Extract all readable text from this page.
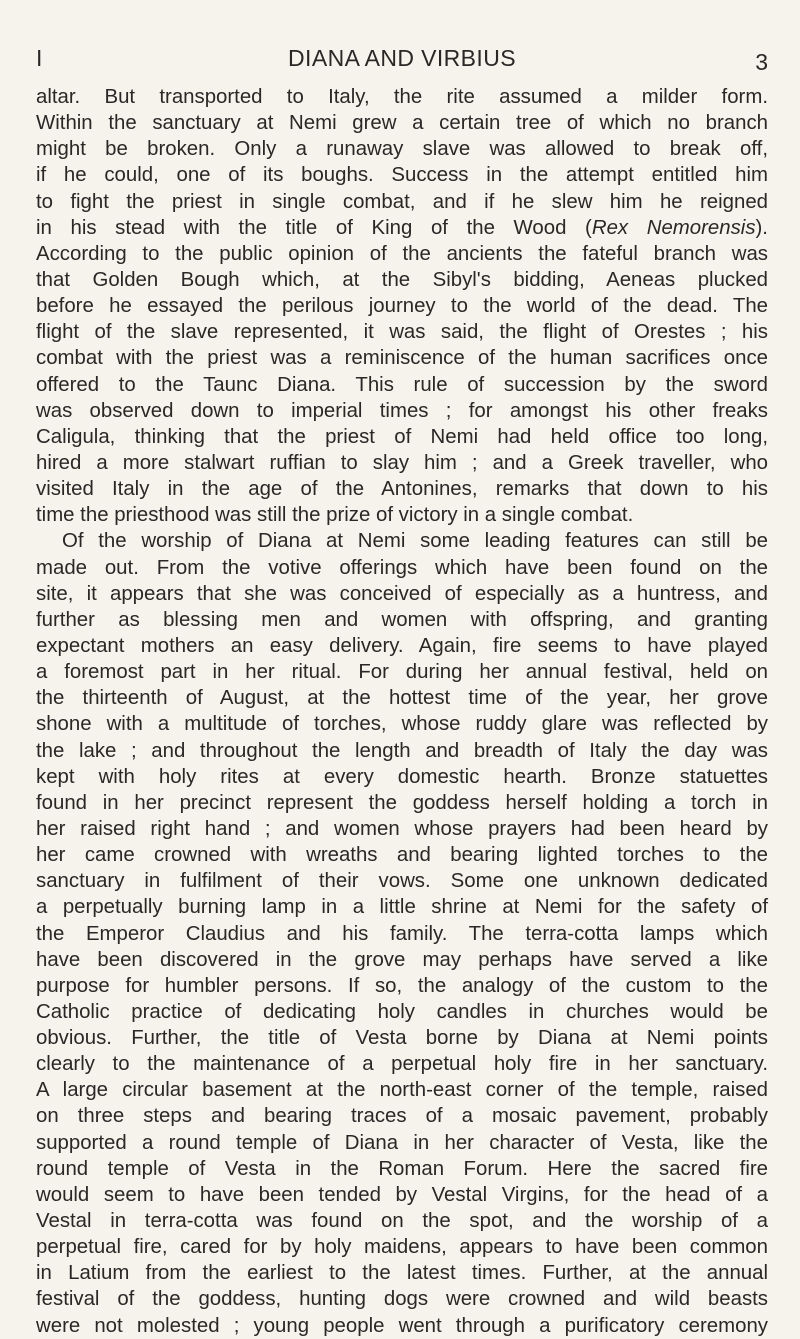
I	DIANA AND VIRBIUS	3
altar. But transported to Italy, the rite assumed a milder form.
Within the sanctuary at Nemi grew a certain tree of which no branch
might be broken. Only a runaway slave was allowed to break off,
if he could, one of its boughs. Success in the attempt entitled him
to fight the priest in single combat, and if he slew him he reigned
in his stead with the title of King of the Wood (Rex Nemorensis).
According to the public opinion of the ancients the fateful branch was
that Golden Bough which, at the Sibyl's bidding, Aeneas plucked
before he essayed the perilous journey to the world of the dead. The
flight of the slave represented, it was said, the flight of Orestes ; his
combat with the priest was a reminiscence of the human sacrifices once
offered to the Taunc Diana. This rule of succession by the sword
was observed down to imperial times ; for amongst his other freaks
Caligula, thinking that the priest of Nemi had held office too long,
hired a more stalwart ruffian to slay him ; and a Greek traveller, who
visited Italy in the age of the Antonines, remarks that down to his
time the priesthood was still the prize of victory in a single combat.
Of the worship of Diana at Nemi some leading features can still be
made out. From the votive offerings which have been found on the
site, it appears that she was conceived of especially as a huntress, and
further as blessing men and women with offspring, and granting
expectant mothers an easy delivery. Again, fire seems to have played
a foremost part in her ritual. For during her annual festival, held on
the thirteenth of August, at the hottest time of the year, her grove
shone with a multitude of torches, whose ruddy glare was reflected by
the lake ; and throughout the length and breadth of Italy the day was
kept with holy rites at every domestic hearth. Bronze statuettes
found in her precinct represent the goddess herself holding a torch in
her raised right hand ; and women whose prayers had been heard by
her came crowned with wreaths and bearing lighted torches to the
sanctuary in fulfilment of their vows. Some one unknown dedicated
a perpetually burning lamp in a little shrine at Nemi for the safety of
the Emperor Claudius and his family. The terra-cotta lamps which
have been discovered in the grove may perhaps have served a like
purpose for humbler persons. If so, the analogy of the custom to the
Catholic practice of dedicating holy candles in churches would be
obvious. Further, the title of Vesta borne by Diana at Nemi points
clearly to the maintenance of a perpetual holy fire in her sanctuary.
A large circular basement at the north-east corner of the temple, raised
on three steps and bearing traces of a mosaic pavement, probably
supported a round temple of Diana in her character of Vesta, like the
round temple of Vesta in the Roman Forum. Here the sacred fire
would seem to have been tended by Vestal Virgins, for the head of a
Vestal in terra-cotta was found on the spot, and the worship of a
perpetual fire, cared for by holy maidens, appears to have been common
in Latium from the earliest to the latest times. Further, at the annual
festival of the goddess, hunting dogs were crowned and wild beasts
were not molested ; young people went through a purificatory ceremony
